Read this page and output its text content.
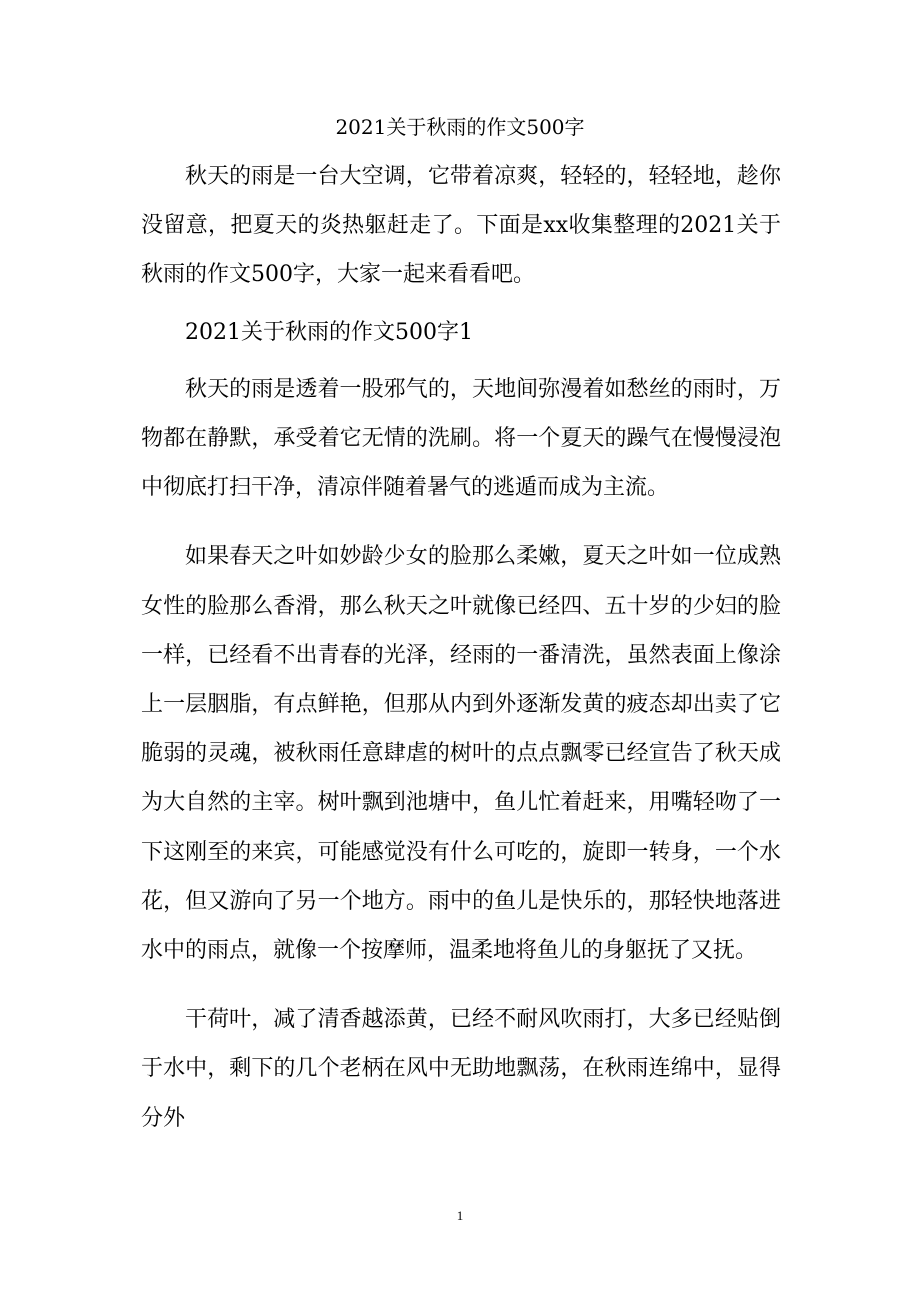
2021关于秋雨的作文500字

秋天的雨是一台大空调，它带着凉爽，轻轻的，轻轻地，趁你没留意，把夏天的炎热躯赶走了。下面是xx收集整理的2021关于秋雨的作文500字，大家一起来看看吧。

2021关于秋雨的作文500字1

秋天的雨是透着一股邪气的，天地间弥漫着如愁丝的雨时，万物都在静默，承受着它无情的洗刷。将一个夏天的躁气在慢慢浸泡中彻底打扫干净，清凉伴随着暑气的逃遁而成为主流。

如果春天之叶如妙龄少女的脸那么柔嫩，夏天之叶如一位成熟女性的脸那么香滑，那么秋天之叶就像已经四、五十岁的少妇的脸一样，已经看不出青春的光泽，经雨的一番清洗，虽然表面上像涂上一层胭脂，有点鲜艳，但那从内到外逐渐发黄的疲态却出卖了它脆弱的灵魂，被秋雨任意肆虐的树叶的点点飘零已经宣告了秋天成为大自然的主宰。树叶飘到池塘中，鱼儿忙着赶来，用嘴轻吻了一下这刚至的来宾，可能感觉没有什么可吃的，旋即一转身，一个水花，但又游向了另一个地方。雨中的鱼儿是快乐的，那轻快地落进水中的雨点，就像一个按摩师，温柔地将鱼儿的身躯抚了又抚。

干荷叶，减了清香越添黄，已经不耐风吹雨打，大多已经贴倒于水中，剩下的几个老柄在风中无助地飘荡，在秋雨连绵中，显得分外

1
